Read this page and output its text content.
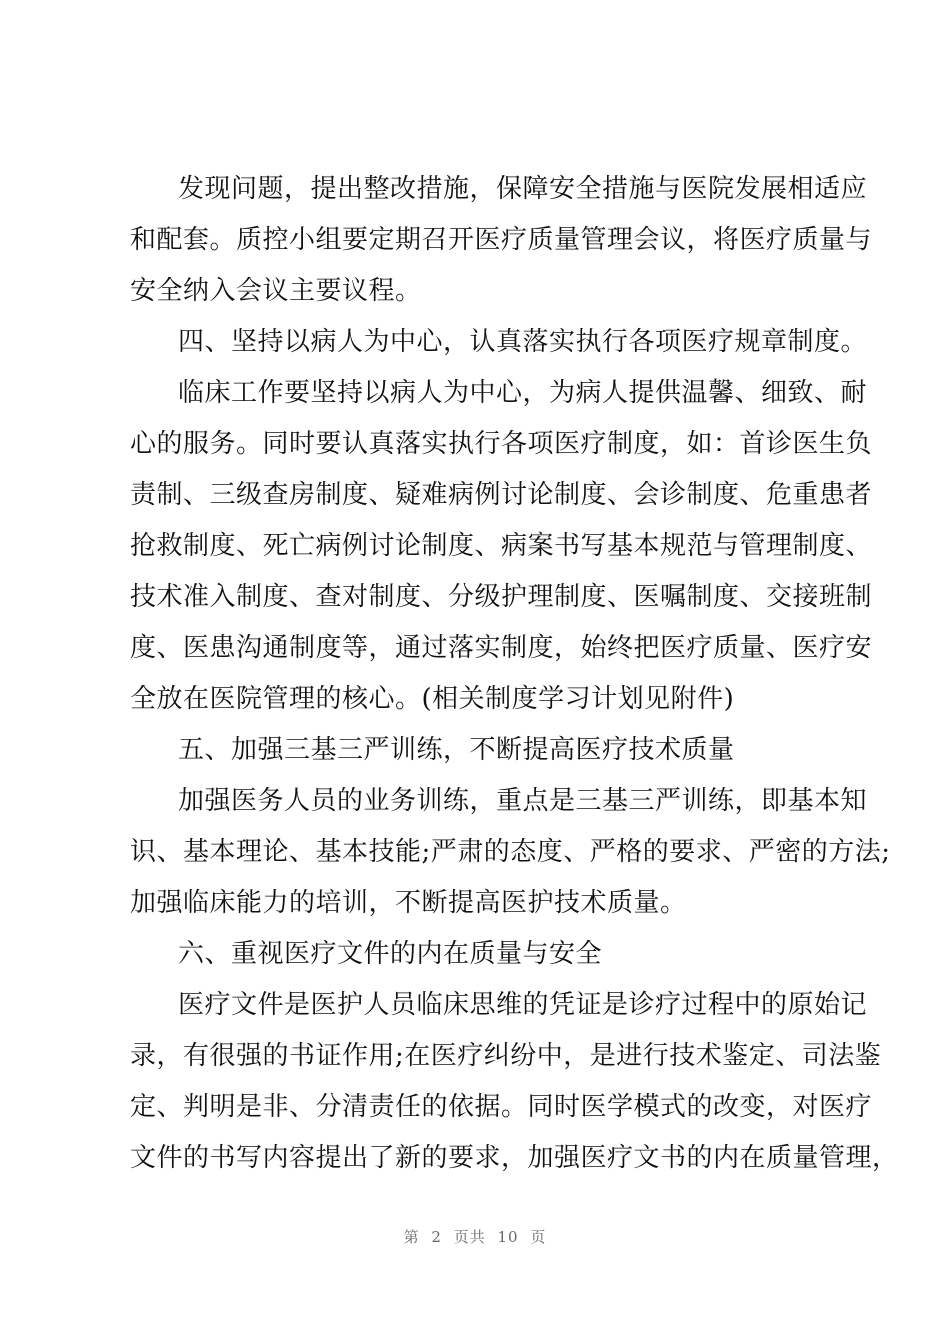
发现问题，提出整改措施，保障安全措施与医院发展相适应
和配套。质控小组要定期召开医疗质量管理会议，将医疗质量与
安全纳入会议主要议程。
四、坚持以病人为中心，认真落实执行各项医疗规章制度。
临床工作要坚持以病人为中心，为病人提供温馨、细致、耐
心的服务。同时要认真落实执行各项医疗制度，如：首诊医生负
责制、三级查房制度、疑难病例讨论制度、会诊制度、危重患者
抢救制度、死亡病例讨论制度、病案书写基本规范与管理制度、
技术准入制度、查对制度、分级护理制度、医嘱制度、交接班制
度、医患沟通制度等，通过落实制度，始终把医疗质量、医疗安
全放在医院管理的核心。(相关制度学习计划见附件)
五、加强三基三严训练，不断提高医疗技术质量
加强医务人员的业务训练，重点是三基三严训练，即基本知
识、基本理论、基本技能;严肃的态度、严格的要求、严密的方法;
加强临床能力的培训，不断提高医护技术质量。
六、重视医疗文件的内在质量与安全
医疗文件是医护人员临床思维的凭证是诊疗过程中的原始记
录，有很强的书证作用;在医疗纠纷中，是进行技术鉴定、司法鉴
定、判明是非、分清责任的依据。同时医学模式的改变，对医疗
文件的书写内容提出了新的要求，加强医疗文书的内在质量管理，
第 2 页共 10 页
